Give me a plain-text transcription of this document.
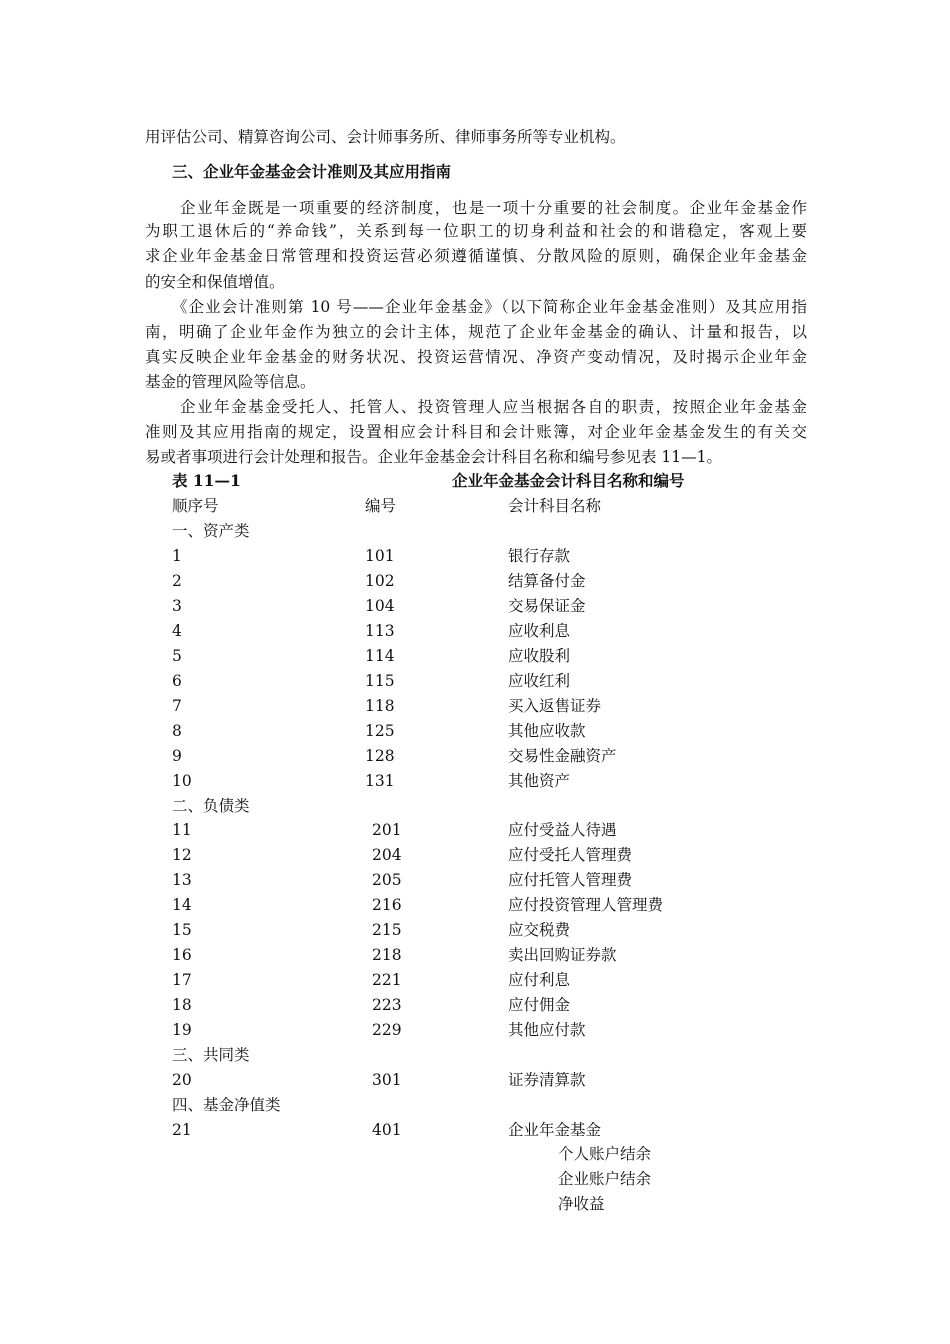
用评估公司、精算咨询公司、会计师事务所、律师事务所等专业机构。
三、企业年金基金会计准则及其应用指南
企业年金既是一项重要的经济制度，也是一项十分重要的社会制度。企业年金基金作
为职工退休后的“养命钱”，关系到每一位职工的切身利益和社会的和谐稳定，客观上要
求企业年金基金日常管理和投资运营必须遵循谨慎、分散风险的原则，确保企业年金基金
的安全和保值增值。
《企业会计准则第 10 号——企业年金基金》（以下简称企业年金基金准则）及其应用指
南，明确了企业年金作为独立的会计主体，规范了企业年金基金的确认、计量和报告，以
真实反映企业年金基金的财务状况、投资运营情况、净资产变动情况，及时揭示企业年金
基金的管理风险等信息。
企业年金基金受托人、托管人、投资管理人应当根据各自的职责，按照企业年金基金
准则及其应用指南的规定，设置相应会计科目和会计账簿，对企业年金基金发生的有关交
易或者事项进行会计处理和报告。企业年金基金会计科目名称和编号参见表 11—1。
表 11—1	企业年金基金会计科目名称和编号
顺序号	编号	会计科目名称
一、资产类
1	101	银行存款
2	102	结算备付金
3	104	交易保证金
4	113	应收利息
5	114	应收股利
6	115	应收红利
7	118	买入返售证券
8	125	其他应收款
9	128	交易性金融资产
10	131	其他资产
二、负债类
11	201	应付受益人待遇
12	204	应付受托人管理费
13	205	应付托管人管理费
14	216	应付投资管理人管理费
15	215	应交税费
16	218	卖出回购证券款
17	221	应付利息
18	223	应付佣金
19	229	其他应付款
三、共同类
20	301	证券清算款
四、基金净值类
21	401	企业年金基金
个人账户结余
企业账户结余
净收益
